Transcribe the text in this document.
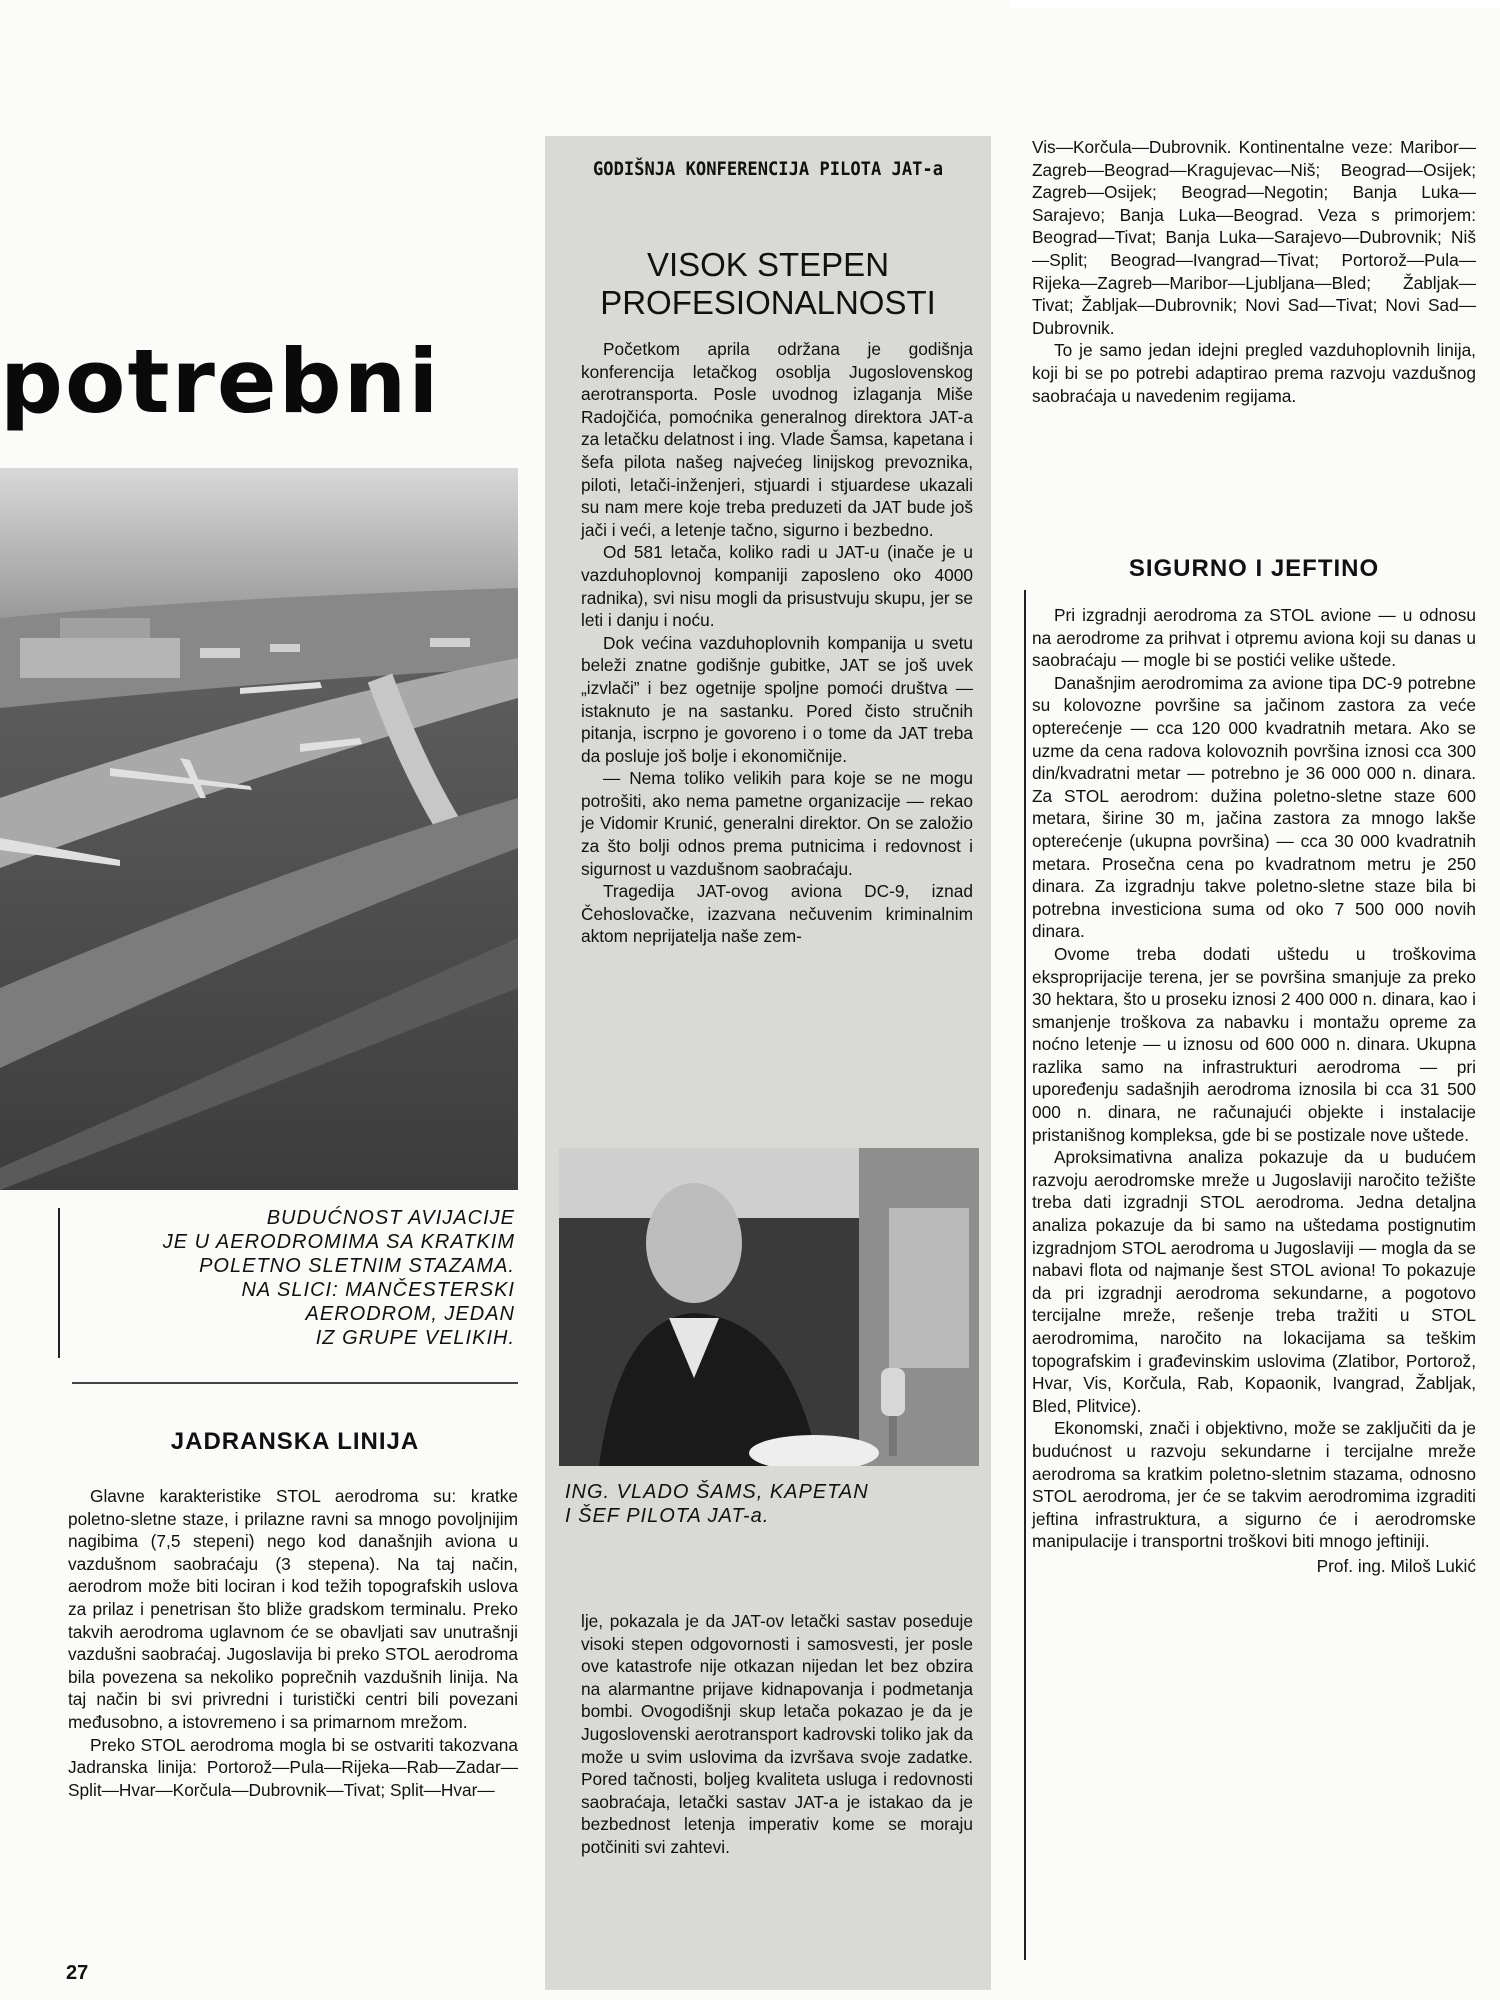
potrebni
BUDUĆNOST AVIJACIJE
JE U AERODROMIMA SA KRATKIM
POLETNO SLETNIM STAZAMA.
NA SLICI: MANČESTERSKI
AERODROM, JEDAN
IZ GRUPE VELIKIH.
JADRANSKA LINIJA

Glavne karakteristike STOL aerodroma su: kratke poletno-sletne staze, i prilazne ravni sa mnogo povoljnijim nagibima (7,5 stepeni) nego kod današnjih aviona u vazdušnom saobraćaju (3 stepena). Na taj način, aerodrom može biti lociran i kod težih topografskih uslova za prilaz i penetrisan što bliže gradskom terminalu. Preko takvih aerodroma uglavnom će se obavljati sav unutrašnji vazdušni saobraćaj. Jugoslavija bi preko STOL aerodroma bila povezena sa nekoliko poprečnih vazdušnih linija. Na taj način bi svi privredni i turistički centri bili povezani međusobno, a istovremeno i sa primarnom mrežom.

Preko STOL aerodroma mogla bi se ostvariti takozvana Jadranska linija: Portorož—Pula—Rijeka—Rab—Zadar—Split—Hvar—Korčula—Dubrovnik—Tivat; Split—Hvar—

GODIŠNJA KONFERENCIJA PILOTA JAT-a
VISOK STEPEN
PROFESIONALNOSTI

Početkom aprila održana je godišnja konferencija letačkog osoblja Jugoslovenskog aerotransporta. Posle uvodnog izlaganja Miše Radojčića, pomoćnika generalnog direktora JAT-a za letačku delatnost i ing. Vlade Šamsa, kapetana i šefa pilota našeg najvećeg linijskog prevoznika, piloti, letači-inženjeri, stjuardi i stjuardese ukazali su nam mere koje treba preduzeti da JAT bude još jači i veći, a letenje tačno, sigurno i bezbedno.

Od 581 letača, koliko radi u JAT-u (inače je u vazduhoplovnoj kompaniji zaposleno oko 4000 radnika), svi nisu mogli da prisustvuju skupu, jer se leti i danju i noću.

Dok većina vazduhoplovnih kompanija u svetu beleži znatne godišnje gubitke, JAT se još uvek „izvlači” i bez ogetnije spoljne pomoći društva — istaknuto je na sastanku. Pored čisto stručnih pitanja, iscrpno je govoreno i o tome da JAT treba da posluje još bolje i ekonomičnije.

— Nema toliko velikih para koje se ne mogu potrošiti, ako nema pametne organizacije — rekao je Vidomir Krunić, generalni direktor. On se založio za što bolji odnos prema putnicima i redovnost i sigurnost u vazdušnom saobraćaju.

Tragedija JAT-ovog aviona DC-9, iznad Čehoslovačke, izazvana nečuvenim kriminalnim aktom neprijatelja naše zem-

ING. VLADO ŠAMS, KAPETAN
I ŠEF PILOTA JAT-a.

lje, pokazala je da JAT-ov letački sastav poseduje visoki stepen odgovornosti i samosvesti, jer posle ove katastrofe nije otkazan nijedan let bez obzira na alarmantne prijave kidnapovanja i podmetanja bombi. Ovogodišnji skup letača pokazao je da je Jugoslovenski aerotransport kadrovski toliko jak da može u svim uslovima da izvršava svoje zadatke. Pored tačnosti, boljeg kvaliteta usluga i redovnosti saobraćaja, letački sastav JAT-a je istakao da je bezbednost letenja imperativ kome se moraju potčiniti svi zahtevi.

Vis—Korčula—Dubrovnik. Kontinentalne veze: Maribor—Zagreb—Beograd—Kragujevac—Niš; Beograd—Osijek; Zagreb—Osijek; Beograd—Negotin; Banja Luka—Sarajevo; Banja Luka—Beograd. Veza s primorjem: Beograd—Tivat; Banja Luka—Sarajevo—Dubrovnik; Niš—Split; Beograd—Ivangrad—Tivat; Portorož—Pula—Rijeka—Zagreb—Maribor—Ljubljana—Bled; Žabljak—Tivat; Žabljak—Dubrovnik; Novi Sad—Tivat; Novi Sad—Dubrovnik.

To je samo jedan idejni pregled vazduhoplovnih linija, koji bi se po potrebi adaptirao prema razvoju vazdušnog saobraćaja u navedenim regijama.

SIGURNO I JEFTINO

Pri izgradnji aerodroma za STOL avione — u odnosu na aerodrome za prihvat i otpremu aviona koji su danas u saobraćaju — mogle bi se postići velike uštede.

Današnjim aerodromima za avione tipa DC-9 potrebne su kolovozne površine sa jačinom zastora za veće opterećenje — cca 120 000 kvadratnih metara. Ako se uzme da cena radova kolovoznih površina iznosi cca 300 din/kvadratni metar — potrebno je 36 000 000 n. dinara. Za STOL aerodrom: dužina poletno-sletne staze 600 metara, širine 30 m, jačina zastora za mnogo lakše opterećenje (ukupna površina) — cca 30 000 kvadratnih metara. Prosečna cena po kvadratnom metru je 250 dinara. Za izgradnju takve poletno-sletne staze bila bi potrebna investiciona suma od oko 7 500 000 novih dinara.

Ovome treba dodati uštedu u troškovima eksproprijacije terena, jer se površina smanjuje za preko 30 hektara, što u proseku iznosi 2 400 000 n. dinara, kao i smanjenje troškova za nabavku i montažu opreme za noćno letenje — u iznosu od 600 000 n. dinara. Ukupna razlika samo na infrastrukturi aerodroma — pri upoređenju sadašnjih aerodroma iznosila bi cca 31 500 000 n. dinara, ne računajući objekte i instalacije pristanišnog kompleksa, gde bi se postizale nove uštede.

Aproksimativna analiza pokazuje da u budućem razvoju aerodromske mreže u Jugoslaviji naročito težište treba dati izgradnji STOL aerodroma. Jedna detaljna analiza pokazuje da bi samo na uštedama postignutim izgradnjom STOL aerodroma u Jugoslaviji — mogla da se nabavi flota od najmanje šest STOL aviona! To pokazuje da pri izgradnji aerodroma sekundarne, a pogotovo tercijalne mreže, rešenje treba tražiti u STOL aerodromima, naročito na lokacijama sa teškim topografskim i građevinskim uslovima (Zlatibor, Portorož, Hvar, Vis, Korčula, Rab, Kopaonik, Ivangrad, Žabljak, Bled, Plitvice).

Ekonomski, znači i objektivno, može se zaključiti da je budućnost u razvoju sekundarne i tercijalne mreže aerodroma sa kratkim poletno-sletnim stazama, odnosno STOL aerodroma, jer će se takvim aerodromima izgraditi jeftina infrastruktura, a sigurno će i aerodromske manipulacije i transportni troškovi biti mnogo jeftiniji.

Prof. ing. Miloš Lukić
27
